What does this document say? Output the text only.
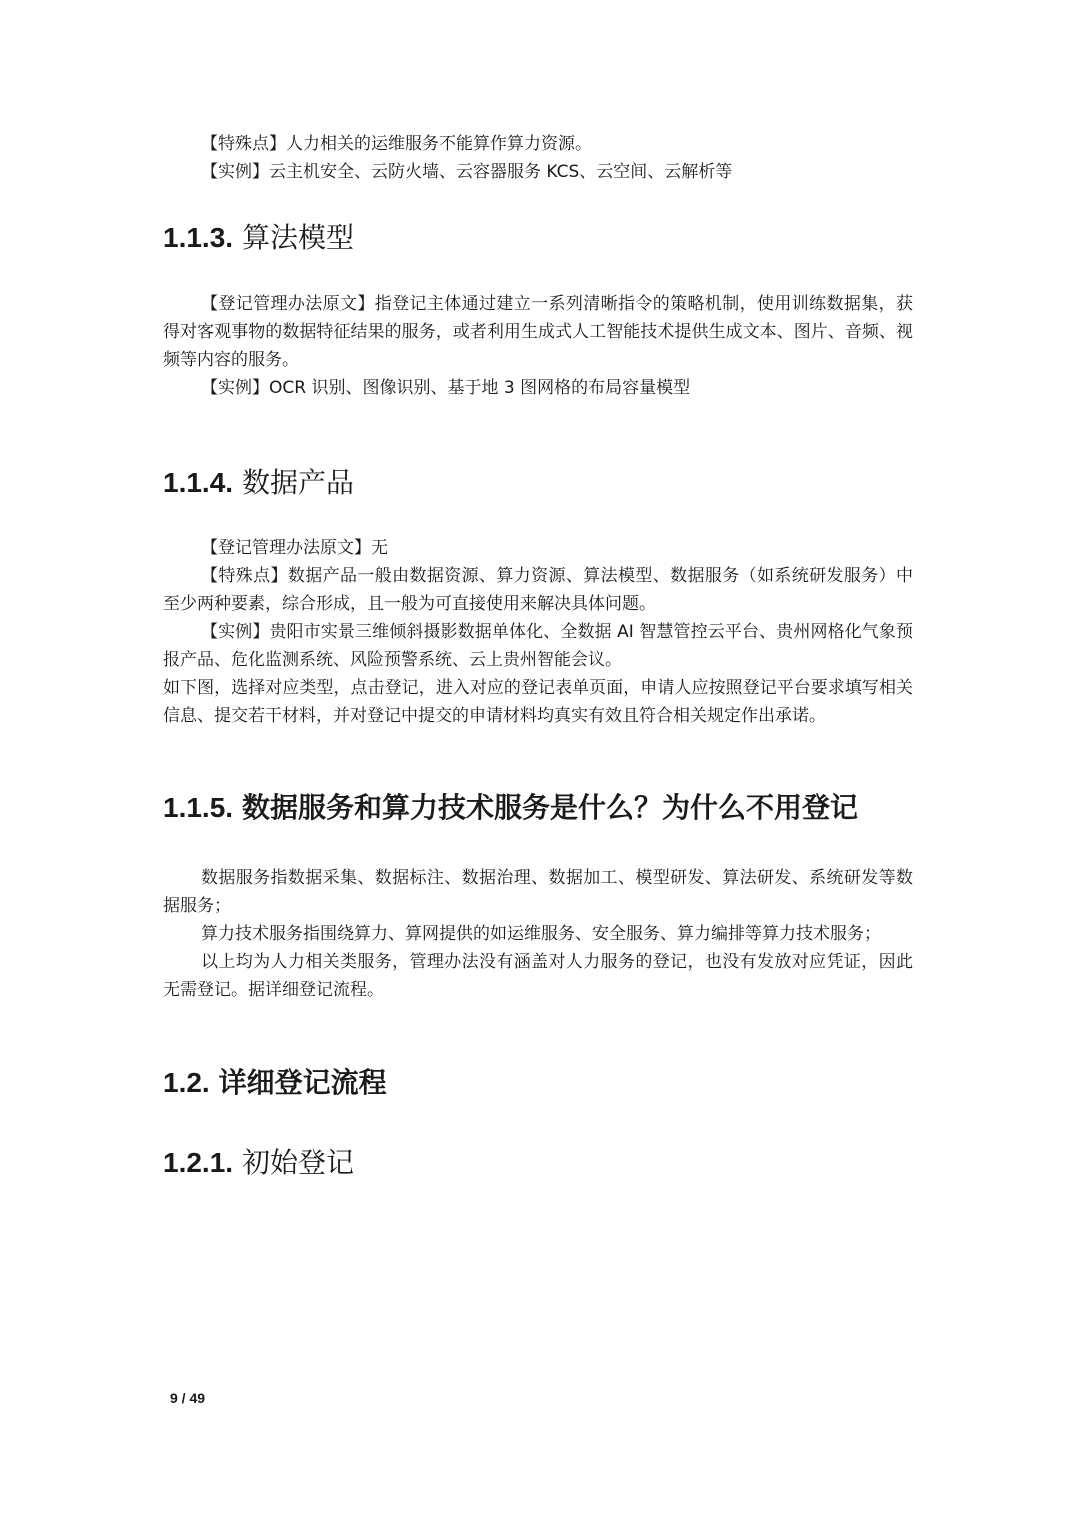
【特殊点】人力相关的运维服务不能算作算力资源。

【实例】云主机安全、云防火墙、云容器服务 KCS、云空间、云解析等

1.1.3. 算法模型

【登记管理办法原文】指登记主体通过建立一系列清晰指令的策略机制，使用训练数据集，获得对客观事物的数据特征结果的服务，或者利用生成式人工智能技术提供生成文本、图片、音频、视频等内容的服务。

【实例】OCR 识别、图像识别、基于地 3 图网格的布局容量模型

1.1.4. 数据产品

【登记管理办法原文】无

【特殊点】数据产品一般由数据资源、算力资源、算法模型、数据服务（如系统研发服务）中至少两种要素，综合形成，且一般为可直接使用来解决具体问题。

【实例】贵阳市实景三维倾斜摄影数据单体化、全数据 AI 智慧管控云平台、贵州网格化气象预报产品、危化监测系统、风险预警系统、云上贵州智能会议。

如下图，选择对应类型，点击登记，进入对应的登记表单页面，申请人应按照登记平台要求填写相关信息、提交若干材料，并对登记中提交的申请材料均真实有效且符合相关规定作出承诺。

1.1.5. 数据服务和算力技术服务是什么？为什么不用登记

数据服务指数据采集、数据标注、数据治理、数据加工、模型研发、算法研发、系统研发等数据服务；

算力技术服务指围绕算力、算网提供的如运维服务、安全服务、算力编排等算力技术服务；

以上均为人力相关类服务，管理办法没有涵盖对人力服务的登记，也没有发放对应凭证，因此无需登记。据详细登记流程。

1.2. 详细登记流程
1.2.1. 初始登记
9 / 49
